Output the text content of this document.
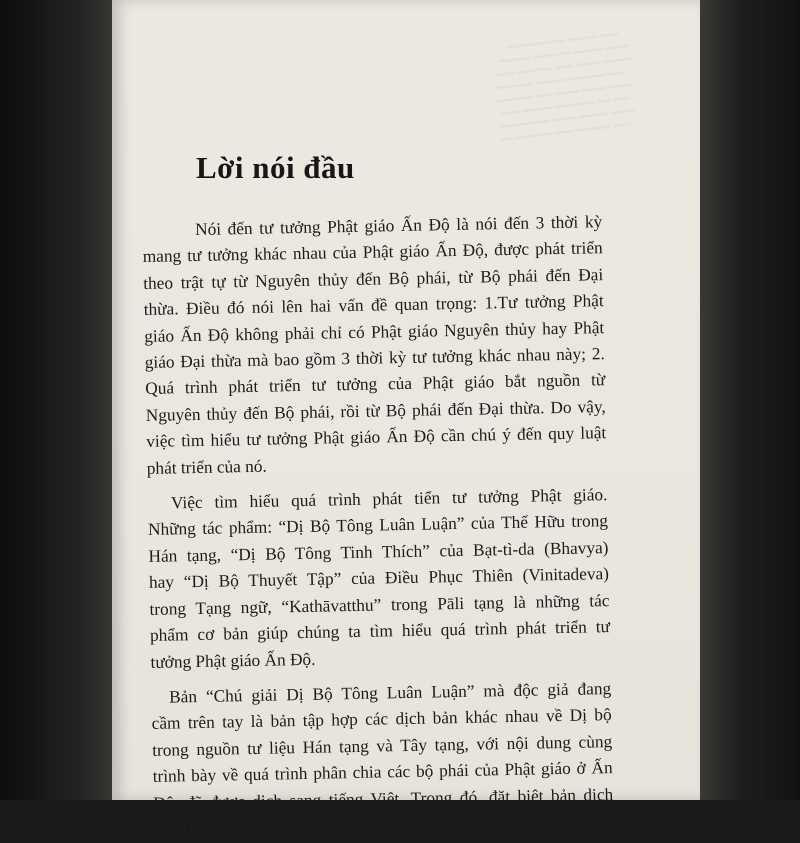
~~ ~~~~ ~~~ ~~~~~ ~~~
~~~~~ ~~~~ ~~ ~~~~~ ~~~~
~~~ ~~~~~~ ~~~ ~~~~ ~~~~~
~~~~ ~~ ~~~~~ ~~~~~~ ~~~
~~~~~~ ~~~ ~~~~ ~~~~ ~~~~
~~~ ~~~~~ ~~~~~~~ ~~ ~~~
~~~~~ ~~~ ~~~~ ~~~~~ ~~~~
~~ ~~~~~~ ~~~ ~~~~~~ ~~~

Lời nói đầu
Nói đến tư tưởng Phật giáo Ấn Độ là nói đến 3 thời kỳ
mang tư tưởng khác nhau của Phật giáo Ấn Độ, được phát triển
theo trật tự từ Nguyên thủy đến Bộ phái, từ Bộ phái đến Đại
thừa. Điều đó nói lên hai vấn đề quan trọng: 1.Tư tưởng Phật
giáo Ấn Độ không phải chỉ có Phật giáo Nguyên thủy hay Phật
giáo Đại thừa mà bao gồm 3 thời kỳ tư tưởng khác nhau này; 2.
Quá trình phát triển tư tưởng của Phật giáo bắt nguồn từ
Nguyên thủy đến Bộ phái, rồi từ Bộ phái đến Đại thừa. Do vậy,
việc tìm hiểu tư tưởng Phật giáo Ấn Độ cần chú ý đến quy luật
phát triển của nó.
Việc tìm hiểu quá trình phát tiển tư tưởng Phật giáo.
Những tác phẩm: “Dị Bộ Tông Luân Luận” của Thế Hữu trong
Hán tạng, “Dị Bộ Tông Tinh Thích” của Bạt-tì-da (Bhavya)
hay “Dị Bộ Thuyết Tập” của Điều Phục Thiên (Vinitadeva)
trong Tạng ngữ, “Kathāvatthu” trong Pāli tạng là những tác
phẩm cơ bản giúp chúng ta tìm hiểu quá trình phát triển tư
tưởng Phật giáo Ấn Độ.
Bản “Chú giải Dị Bộ Tông Luân Luận” mà độc giả đang
cầm trên tay là bản tập hợp các dịch bản khác nhau về Dị bộ
trong nguồn tư liệu Hán tạng và Tây tạng, với nội dung cùng
trình bày về quá trình phân chia các bộ phái của Phật giáo ở Ấn
Độ, đã được dịch sang tiếng Việt. Trong đó, đặt biệt bản dịch
của Huyền Trang tôi đã thêm phần chú thích, để người đọc dễ
